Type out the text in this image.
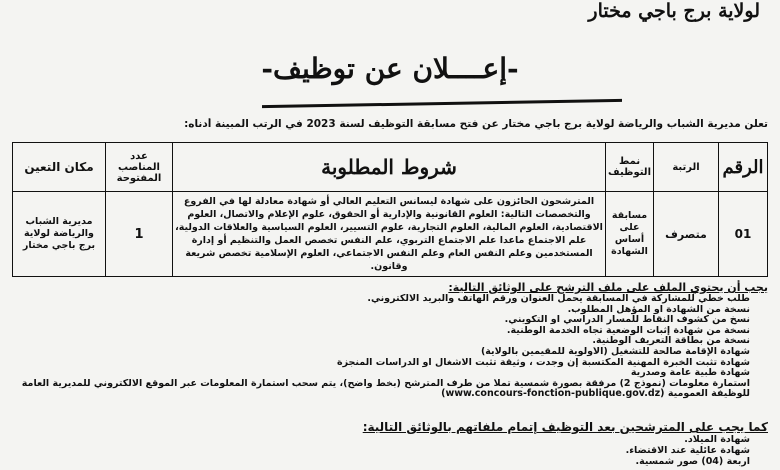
لولاية برج باجي مختار
-إعــــلان عن توظيف-
تعلن مديرية الشباب والرياضة لولاية برج باجي مختار عن فتح مسابقة التوظيف لسنة 2023 في الرتب المبينة أدناه:
الرقم	الرتبة	نمط التوظيف	شروط المطلوبة	عدد المناصب المفتوحة	مكان التعين
01	متصرف	مسابقة على أساس الشهادة	المترشحون الحائزون على شهادة ليسانس التعليم العالي أو شهادة معادلة لها في الفروع والتخصصات التالية: العلوم القانونية والإدارية أو الحقوق، علوم الإعلام والاتصال، العلوم الاقتصادية، العلوم المالية، العلوم التجارية، علوم التسيير، العلوم السياسية والعلاقات الدولية، علم الاجتماع ماعدا علم الاجتماع التربوي، علم النفس تخصص العمل والتنظيم أو إدارة المستخدمين وعلم النفس العام وعلم النفس الاجتماعي، العلوم الإسلامية تخصص شريعة وقانون.	1	مديرية الشباب والرياضة لولاية برج باجي مختار
يجب أن يحتوي الملف على ملف الترشح على الوثائق التالية:
1. طلب خطي للمشاركة في المسابقة يحمل العنوان ورقم الهاتف والبريد الالكتروني.
2. نسخة من الشهادة أو المؤهل المطلوب.
3. نسخ من كشوف النقاط للمسار الدراسي أو التكويني.
4. نسخة من شهادة إثبات الوضعية تجاه الخدمة الوطنية.
5. نسخة من بطاقة التعريف الوطنية.
6. شهادة الإقامة صالحة للتشغيل (الأولوية للمقيمين بالولاية)
7. شهادة تثبت الخبرة المهنية المكتسبة إن وجدت ، وثيقة تثبت الاشغال أو الدراسات المنجزة
8. شهادة طبية عامة وصدرية
9. استمارة معلومات (نموذج 2) مرفقة بصورة شمسية تملأ من طرف المترشح (بخط واضح)، يتم سحب استمارة المعلومات عبر الموقع الالكتروني للمديرية العامة للوظيفة العمومية (www.concours-fonction-publique.gov.dz)
كما يجب على المترشحين بعد التوظيف إتمام ملفاتهم بالوثائق التالية:
1. شهادة الميلاد.
2. شهادة عائلية عند الاقتضاء.
3. اربعة (04) صور شمسية.
